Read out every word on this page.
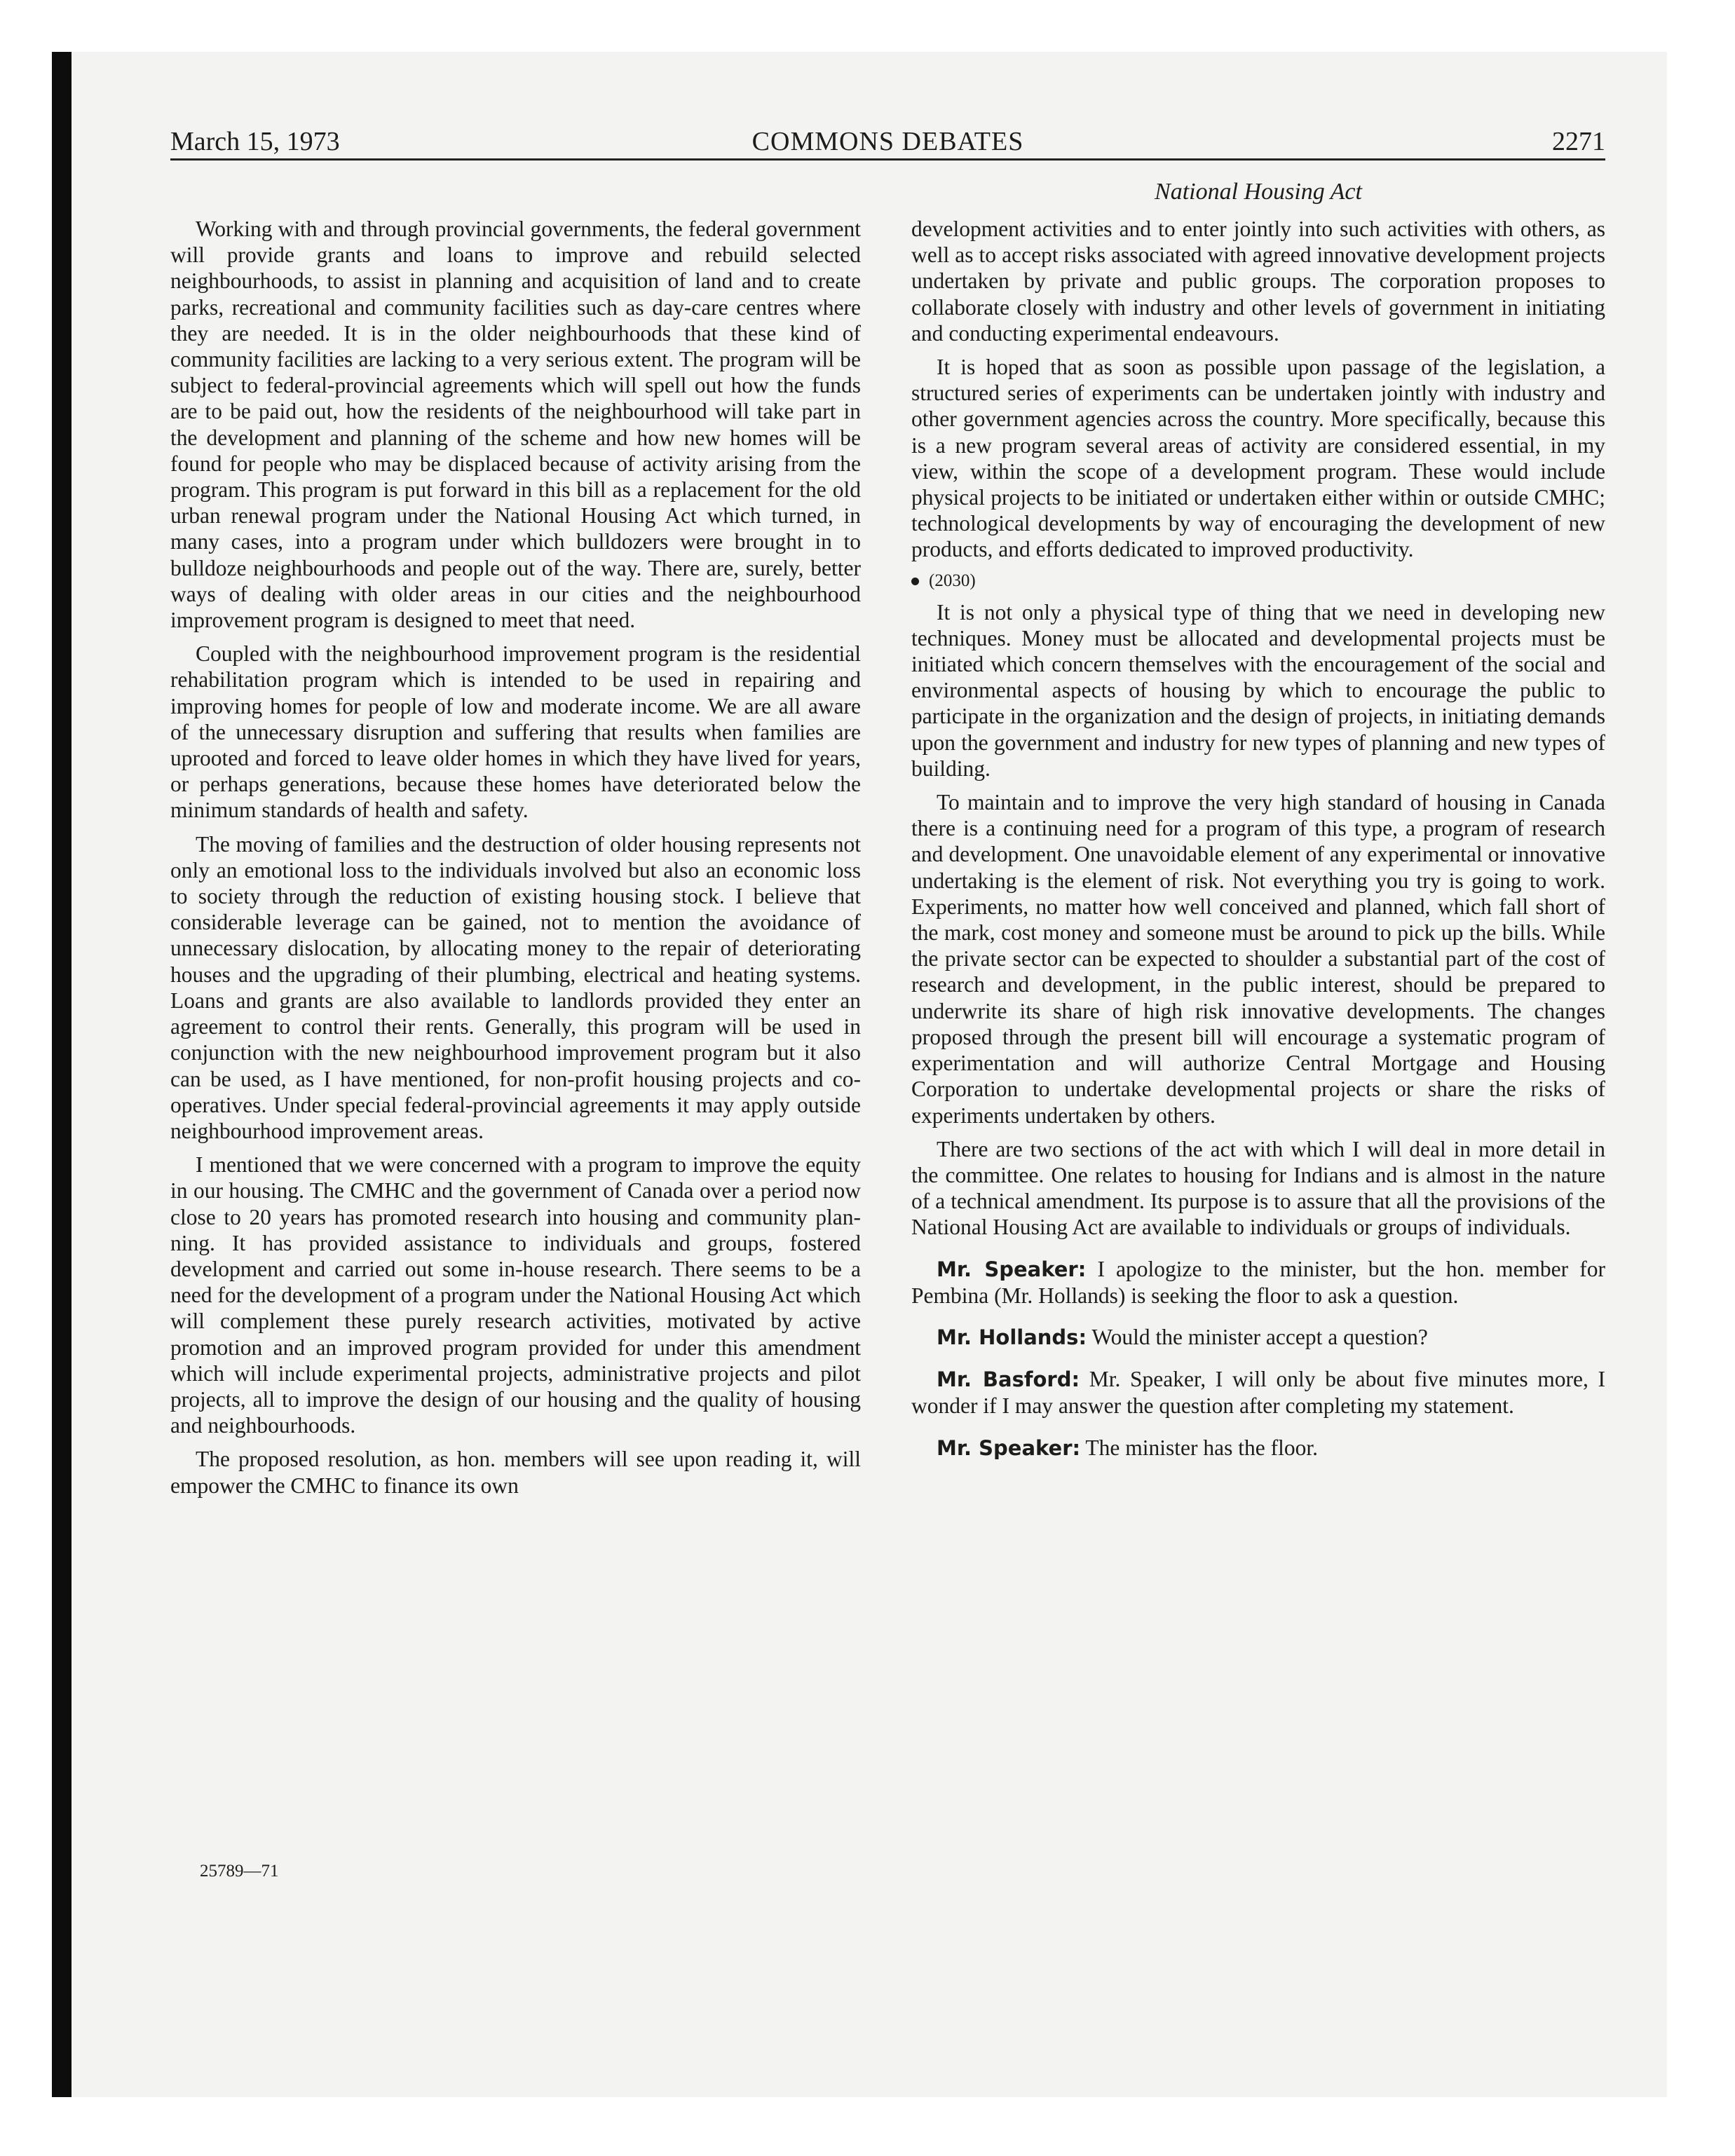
March 15, 1973	COMMONS DEBATES	2271
National Housing Act

Working with and through provincial governments, the federal government will provide grants and loans to improve and rebuild selected neighbourhoods, to assist in planning and acquisition of land and to create parks, recreational and community facilities such as day-care centres where they are needed. It is in the older neighbourhoods that these kind of community facilities are lacking to a very serious extent. The program will be subject to federal-provincial agreements which will spell out how the funds are to be paid out, how the residents of the neighbourhood will take part in the development and planning of the scheme and how new homes will be found for people who may be displaced because of activity arising from the program. This program is put forward in this bill as a replacement for the old urban renewal program under the National Housing Act which turned, in many cases, into a program under which bulldozers were brought in to bulldoze neighbourhoods and people out of the way. There are, surely, better ways of dealing with older areas in our cities and the neighbourhood improvement program is designed to meet that need.

Coupled with the neighbourhood improvement program is the residential rehabilitation program which is intended to be used in repairing and improving homes for people of low and moderate income. We are all aware of the unnecessary disruption and suffering that results when families are uprooted and forced to leave older homes in which they have lived for years, or perhaps generations, because these homes have deteriorated below the minimum standards of health and safety.

The moving of families and the destruction of older housing represents not only an emotional loss to the individuals involved but also an economic loss to society through the reduction of existing housing stock. I believe that considerable leverage can be gained, not to mention the avoidance of unnecessary dislocation, by allocating money to the repair of deteriorating houses and the upgrading of their plumbing, electrical and heating systems. Loans and grants are also available to landlords provided they enter an agreement to control their rents. Generally, this program will be used in conjunction with the new neighbourhood improvement program but it also can be used, as I have mentioned, for non-profit housing projects and co-operatives. Under special federal-provincial agreements it may apply outside neighbourhood improvement areas.

I mentioned that we were concerned with a program to improve the equity in our housing. The CMHC and the government of Canada over a period now close to 20 years has promoted research into housing and community planning. It has provided assistance to individuals and groups, fostered development and carried out some in-house research. There seems to be a need for the development of a program under the National Housing Act which will complement these purely research activities, motivated by active promotion and an improved program provided for under this amendment which will include experimental projects, administrative projects and pilot projects, all to improve the design of our housing and the quality of housing and neighbourhoods.

The proposed resolution, as hon. members will see upon reading it, will empower the CMHC to finance its own

25789—71

development activities and to enter jointly into such activities with others, as well as to accept risks associated with agreed innovative development projects undertaken by private and public groups. The corporation proposes to collaborate closely with industry and other levels of government in initiating and conducting experimental endeavours.

It is hoped that as soon as possible upon passage of the legislation, a structured series of experiments can be undertaken jointly with industry and other government agencies across the country. More specifically, because this is a new program several areas of activity are considered essential, in my view, within the scope of a development program. These would include physical projects to be initiated or undertaken either within or outside CMHC; technological developments by way of encouraging the development of new products, and efforts dedicated to improved productivity.

(2030)

It is not only a physical type of thing that we need in developing new techniques. Money must be allocated and developmental projects must be initiated which concern themselves with the encouragement of the social and environmental aspects of housing by which to encourage the public to participate in the organization and the design of projects, in initiating demands upon the government and industry for new types of planning and new types of building.

To maintain and to improve the very high standard of housing in Canada there is a continuing need for a program of this type, a program of research and development. One unavoidable element of any experimental or innovative undertaking is the element of risk. Not everything you try is going to work. Experiments, no matter how well conceived and planned, which fall short of the mark, cost money and someone must be around to pick up the bills. While the private sector can be expected to shoulder a substantial part of the cost of research and development, in the public interest, should be prepared to underwrite its share of high risk innovative developments. The changes proposed through the present bill will encourage a systematic program of experimentation and will authorize Central Mortgage and Housing Corporation to undertake developmental projects or share the risks of experiments undertaken by others.

There are two sections of the act with which I will deal in more detail in the committee. One relates to housing for Indians and is almost in the nature of a technical amendment. Its purpose is to assure that all the provisions of the National Housing Act are available to individuals or groups of individuals.

Mr. Speaker: I apologize to the minister, but the hon. member for Pembina (Mr. Hollands) is seeking the floor to ask a question.

Mr. Hollands: Would the minister accept a question?

Mr. Basford: Mr. Speaker, I will only be about five minutes more, I wonder if I may answer the question after completing my statement.

Mr. Speaker: The minister has the floor.
